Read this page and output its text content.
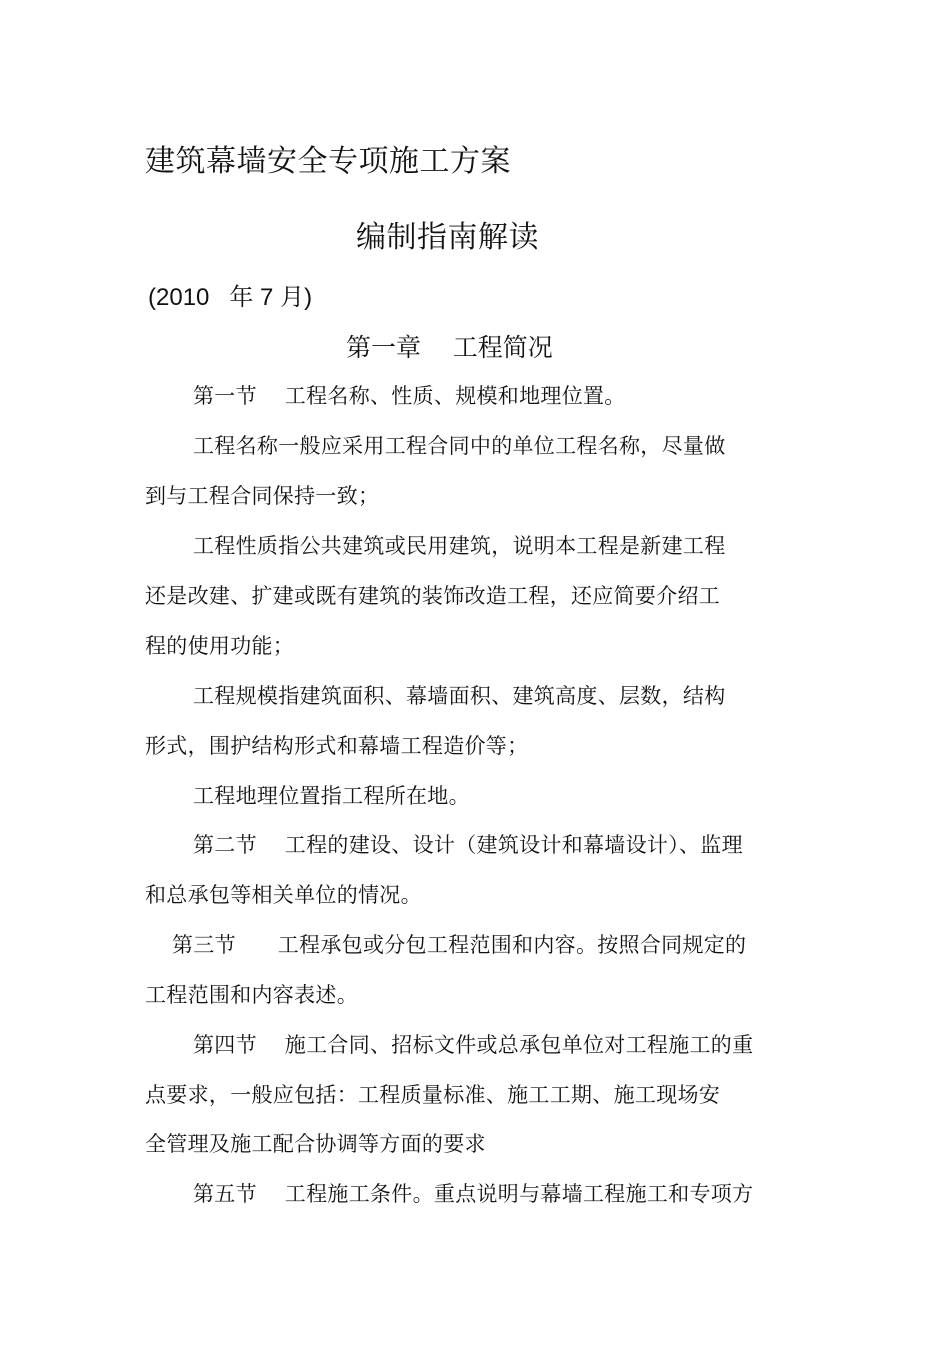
建筑幕墙安全专项施工方案
编制指南解读
(2010   年 7 月)
第一章    工程简况
第一节    工程名称、性质、规模和地理位置。
工程名称一般应采用工程合同中的单位工程名称，尽量做
到与工程合同保持一致；
工程性质指公共建筑或民用建筑，说明本工程是新建工程
还是改建、扩建或既有建筑的装饰改造工程，还应简要介绍工
程的使用功能；
工程规模指建筑面积、幕墙面积、建筑高度、层数，结构
形式，围护结构形式和幕墙工程造价等；
工程地理位置指工程所在地。
第二节    工程的建设、设计（建筑设计和幕墙设计）、监理
和总承包等相关单位的情况。
第三节      工程承包或分包工程范围和内容。按照合同规定的
工程范围和内容表述。
第四节    施工合同、招标文件或总承包单位对工程施工的重
点要求，一般应包括：工程质量标准、施工工期、施工现场安
全管理及施工配合协调等方面的要求
第五节    工程施工条件。重点说明与幕墙工程施工和专项方
